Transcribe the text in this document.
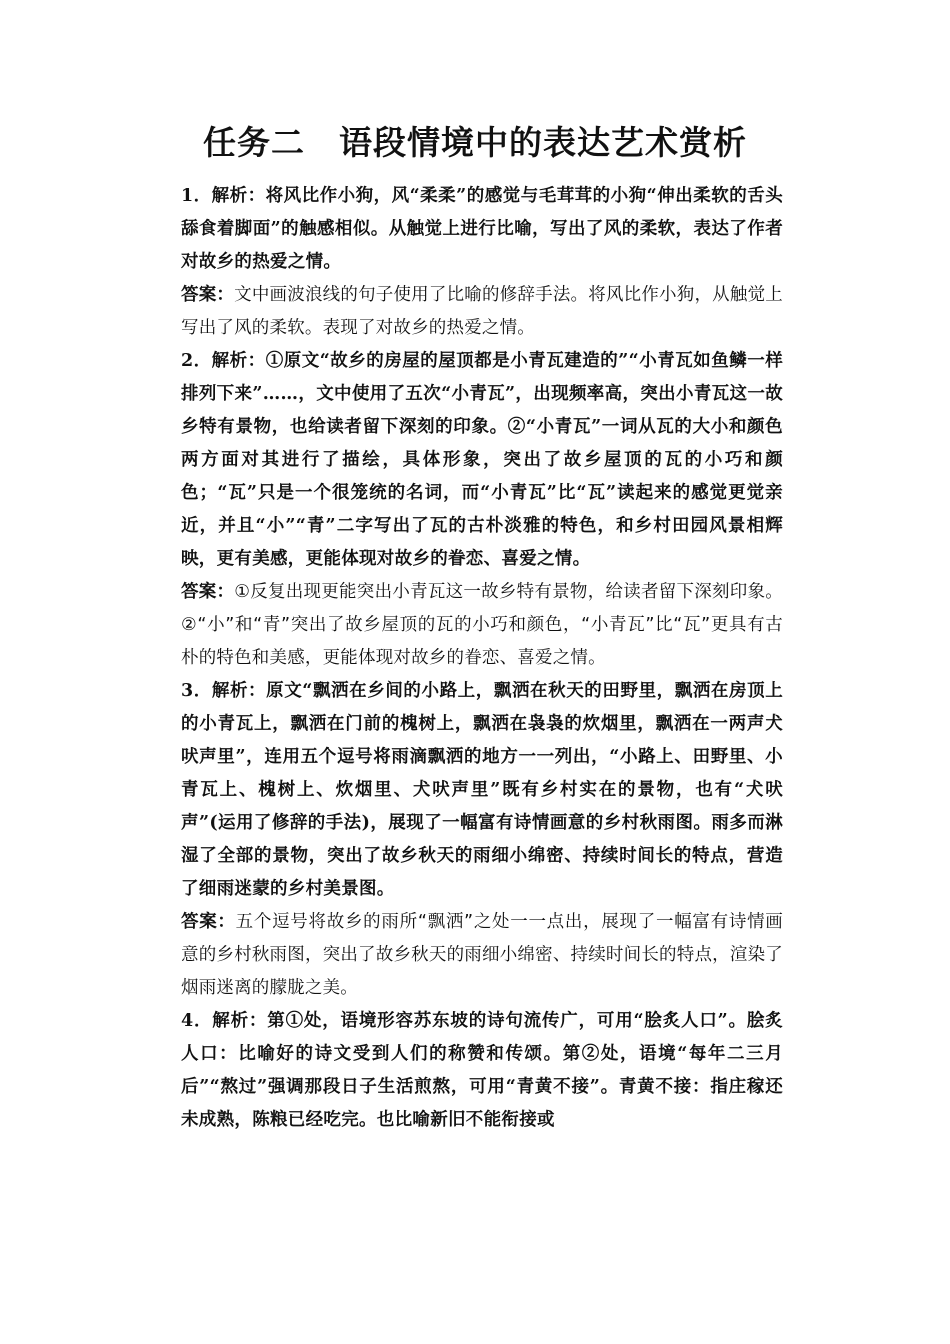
任务二　语段情境中的表达艺术赏析

1．解析：将风比作小狗，风“柔柔”的感觉与毛茸茸的小狗“伸出柔软的舌头舔食着脚面”的触感相似。从触觉上进行比喻，写出了风的柔软，表达了作者对故乡的热爱之情。

答案：文中画波浪线的句子使用了比喻的修辞手法。将风比作小狗，从触觉上写出了风的柔软。表现了对故乡的热爱之情。

2．解析：①原文“故乡的房屋的屋顶都是小青瓦建造的”“小青瓦如鱼鳞一样排列下来”……，文中使用了五次“小青瓦”，出现频率高，突出小青瓦这一故乡特有景物，也给读者留下深刻的印象。②“小青瓦”一词从瓦的大小和颜色两方面对其进行了描绘，具体形象，突出了故乡屋顶的瓦的小巧和颜色；“瓦”只是一个很笼统的名词，而“小青瓦”比“瓦”读起来的感觉更觉亲近，并且“小”“青”二字写出了瓦的古朴淡雅的特色，和乡村田园风景相辉映，更有美感，更能体现对故乡的眷恋、喜爱之情。

答案：①反复出现更能突出小青瓦这一故乡特有景物，给读者留下深刻印象。②“小”和“青”突出了故乡屋顶的瓦的小巧和颜色，“小青瓦”比“瓦”更具有古朴的特色和美感，更能体现对故乡的眷恋、喜爱之情。

3．解析：原文“飘洒在乡间的小路上，飘洒在秋天的田野里，飘洒在房顶上的小青瓦上，飘洒在门前的槐树上，飘洒在袅袅的炊烟里，飘洒在一两声犬吠声里”，连用五个逗号将雨滴飘洒的地方一一列出，“小路上、田野里、小青瓦上、槐树上、炊烟里、犬吠声里”既有乡村实在的景物，也有“犬吠声”(运用了修辞的手法)，展现了一幅富有诗情画意的乡村秋雨图。雨多而淋湿了全部的景物，突出了故乡秋天的雨细小绵密、持续时间长的特点，营造了细雨迷蒙的乡村美景图。

答案：五个逗号将故乡的雨所“飘洒”之处一一点出，展现了一幅富有诗情画意的乡村秋雨图，突出了故乡秋天的雨细小绵密、持续时间长的特点，渲染了烟雨迷离的朦胧之美。

4．解析：第①处，语境形容苏东坡的诗句流传广，可用“脍炙人口”。脍炙人口：比喻好的诗文受到人们的称赞和传颂。第②处，语境“每年二三月后”“熬过”强调那段日子生活煎熬，可用“青黄不接”。青黄不接：指庄稼还未成熟，陈粮已经吃完。也比喻新旧不能衔接或
